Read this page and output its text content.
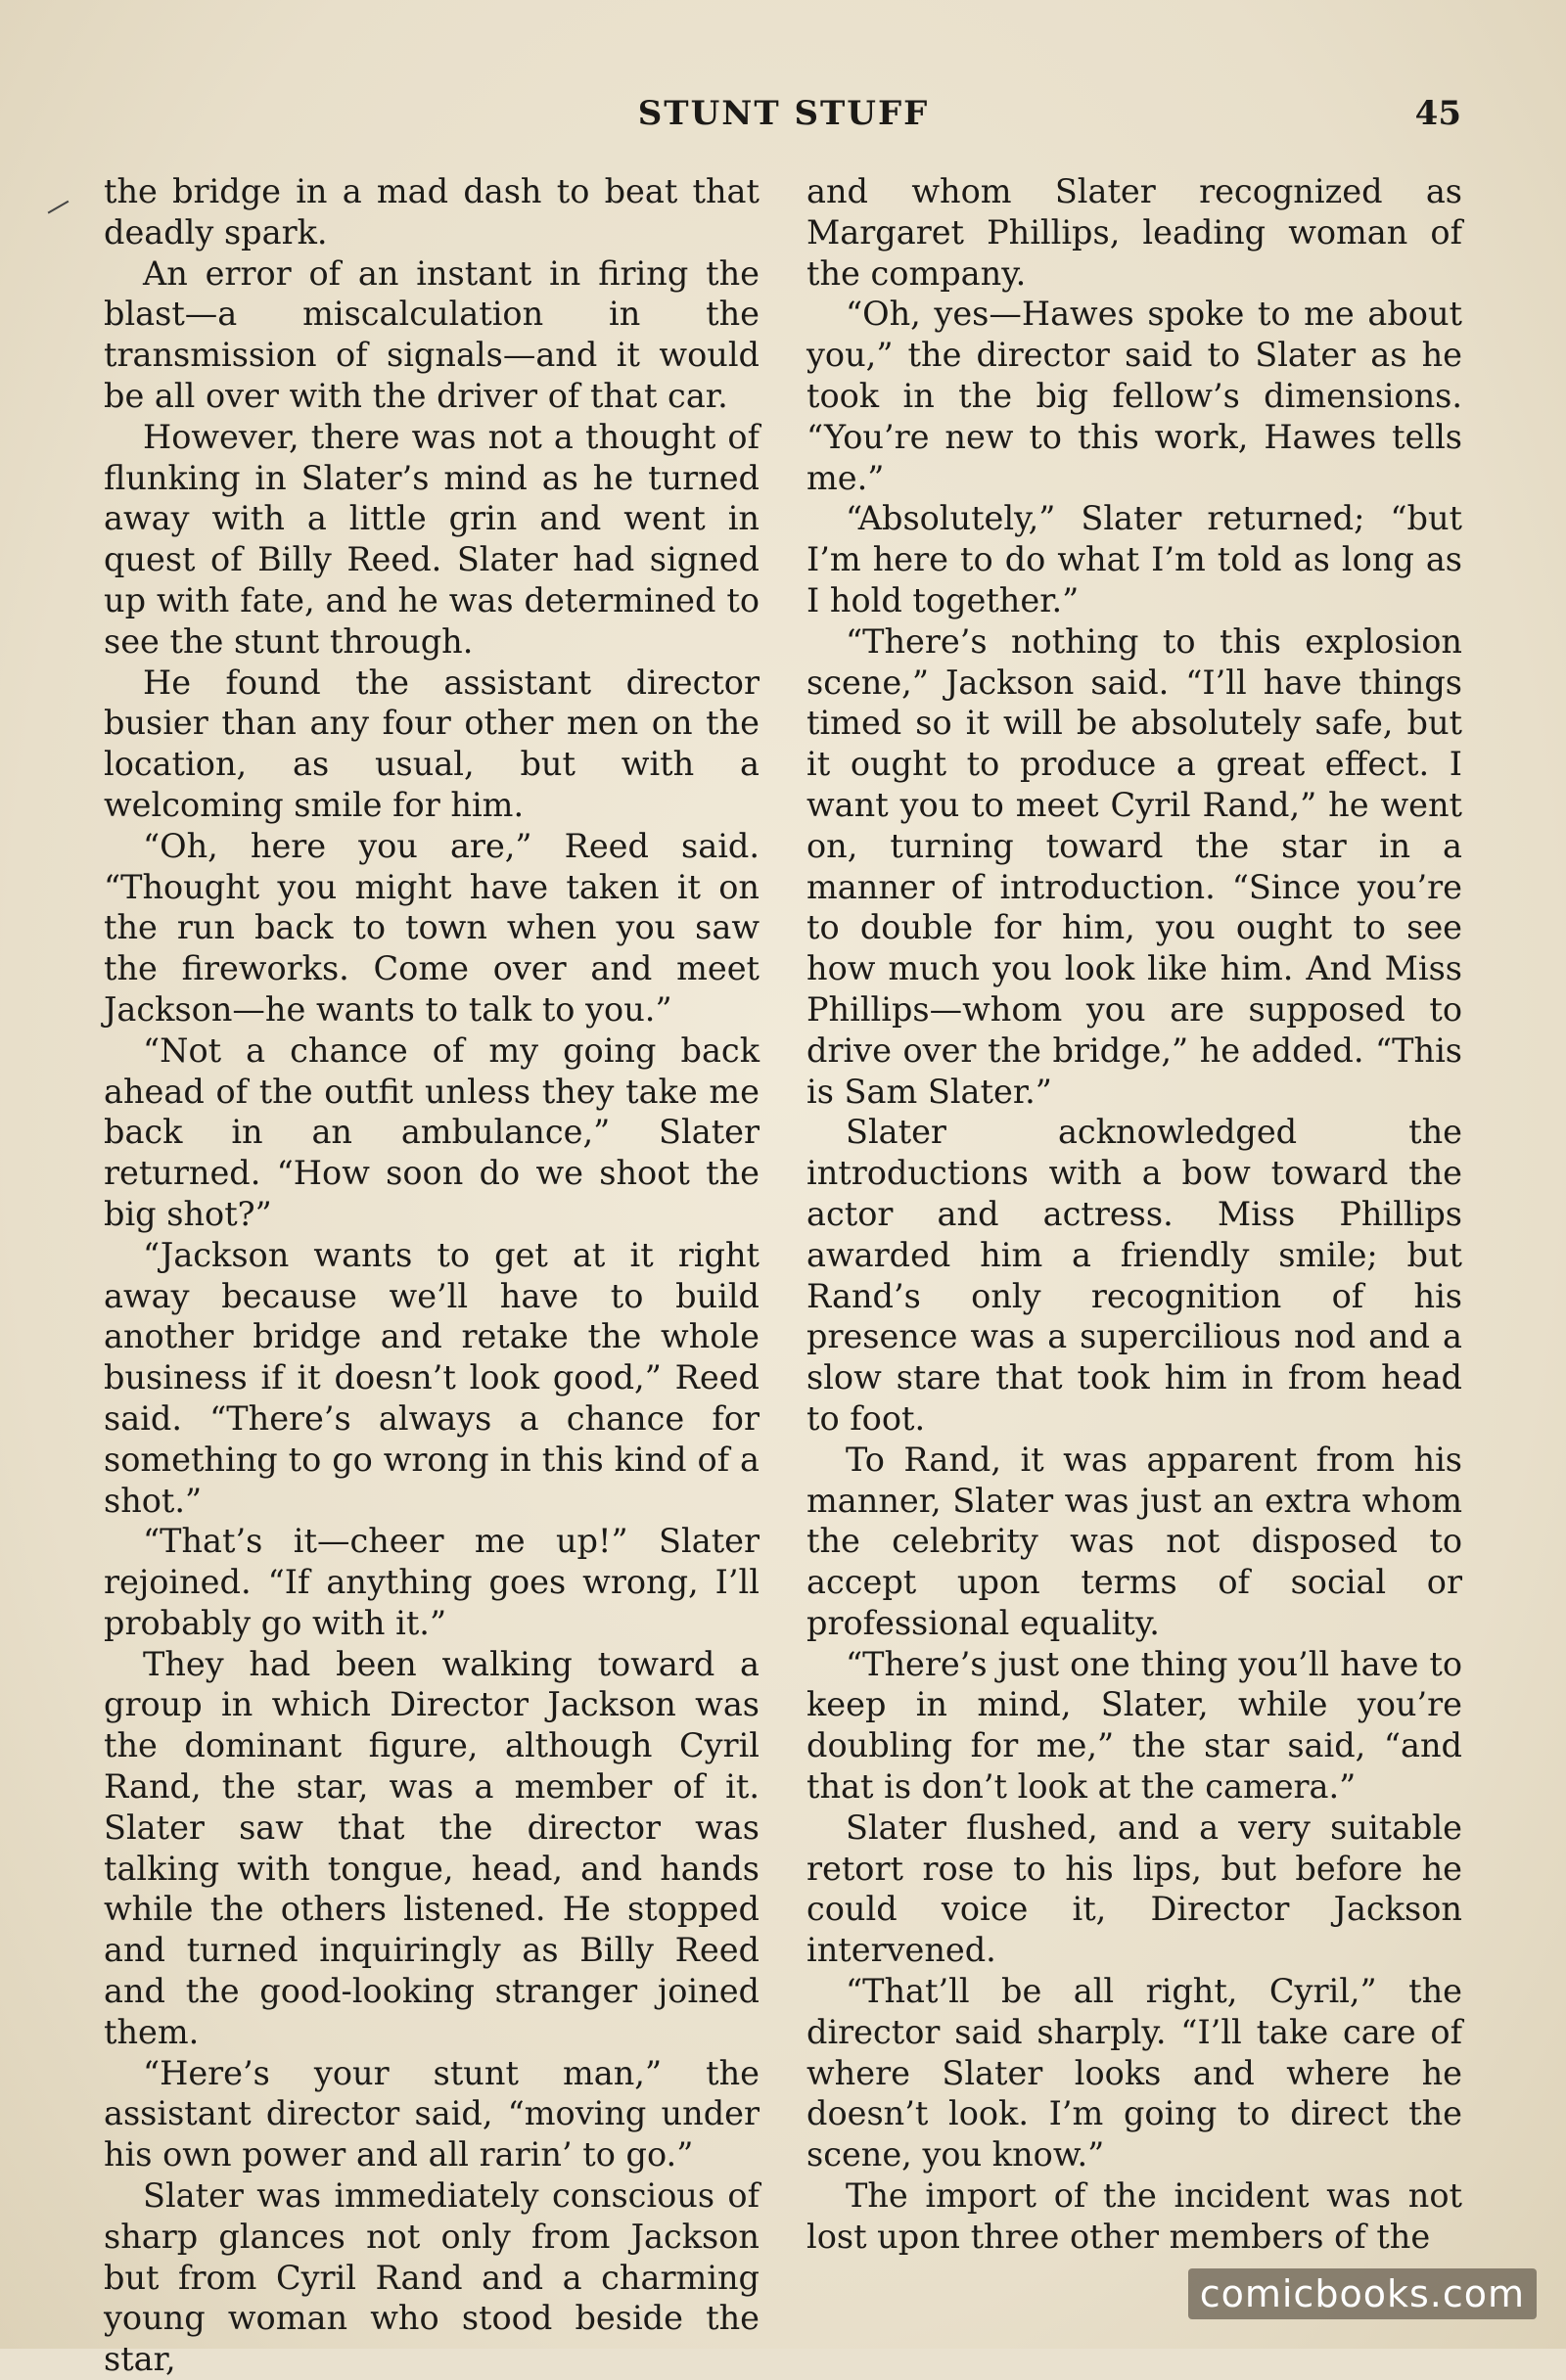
STUNT STUFF	45

the bridge in a mad dash to beat that deadly spark.

An error of an instant in firing the blast—a miscalculation in the transmission of signals—and it would be all over with the driver of that car.

However, there was not a thought of flunking in Slater’s mind as he turned away with a little grin and went in quest of Billy Reed. Slater had signed up with fate, and he was determined to see the stunt through.

He found the assistant director busier than any four other men on the location, as usual, but with a welcoming smile for him.

“Oh, here you are,” Reed said. “Thought you might have taken it on the run back to town when you saw the fireworks. Come over and meet Jackson—he wants to talk to you.”

“Not a chance of my going back ahead of the outfit unless they take me back in an ambulance,” Slater returned. “How soon do we shoot the big shot?”

“Jackson wants to get at it right away because we’ll have to build another bridge and retake the whole business if it doesn’t look good,” Reed said. “There’s always a chance for something to go wrong in this kind of a shot.”

“That’s it—cheer me up!” Slater rejoined. “If anything goes wrong, I’ll probably go with it.”

They had been walking toward a group in which Director Jackson was the dominant figure, although Cyril Rand, the star, was a member of it. Slater saw that the director was talking with tongue, head, and hands while the others listened. He stopped and turned inquiringly as Billy Reed and the good-looking stranger joined them.

“Here’s your stunt man,” the assistant director said, “moving under his own power and all rarin’ to go.”

Slater was immediately conscious of sharp glances not only from Jackson but from Cyril Rand and a charming young woman who stood beside the star,

and whom Slater recognized as Margaret Phillips, leading woman of the company.

“Oh, yes—Hawes spoke to me about you,” the director said to Slater as he took in the big fellow’s dimensions. “You’re new to this work, Hawes tells me.”

“Absolutely,” Slater returned; “but I’m here to do what I’m told as long as I hold together.”

“There’s nothing to this explosion scene,” Jackson said. “I’ll have things timed so it will be absolutely safe, but it ought to produce a great effect. I want you to meet Cyril Rand,” he went on, turning toward the star in a manner of introduction. “Since you’re to double for him, you ought to see how much you look like him. And Miss Phillips—whom you are supposed to drive over the bridge,” he added. “This is Sam Slater.”

Slater acknowledged the introductions with a bow toward the actor and actress. Miss Phillips awarded him a friendly smile; but Rand’s only recognition of his presence was a supercilious nod and a slow stare that took him in from head to foot.

To Rand, it was apparent from his manner, Slater was just an extra whom the celebrity was not disposed to accept upon terms of social or professional equality.

“There’s just one thing you’ll have to keep in mind, Slater, while you’re doubling for me,” the star said, “and that is don’t look at the camera.”

Slater flushed, and a very suitable retort rose to his lips, but before he could voice it, Director Jackson intervened.

“That’ll be all right, Cyril,” the director said sharply. “I’ll take care of where Slater looks and where he doesn’t look. I’m going to direct the scene, you know.”

The import of the incident was not lost upon three other members of the

comicbooks.com
